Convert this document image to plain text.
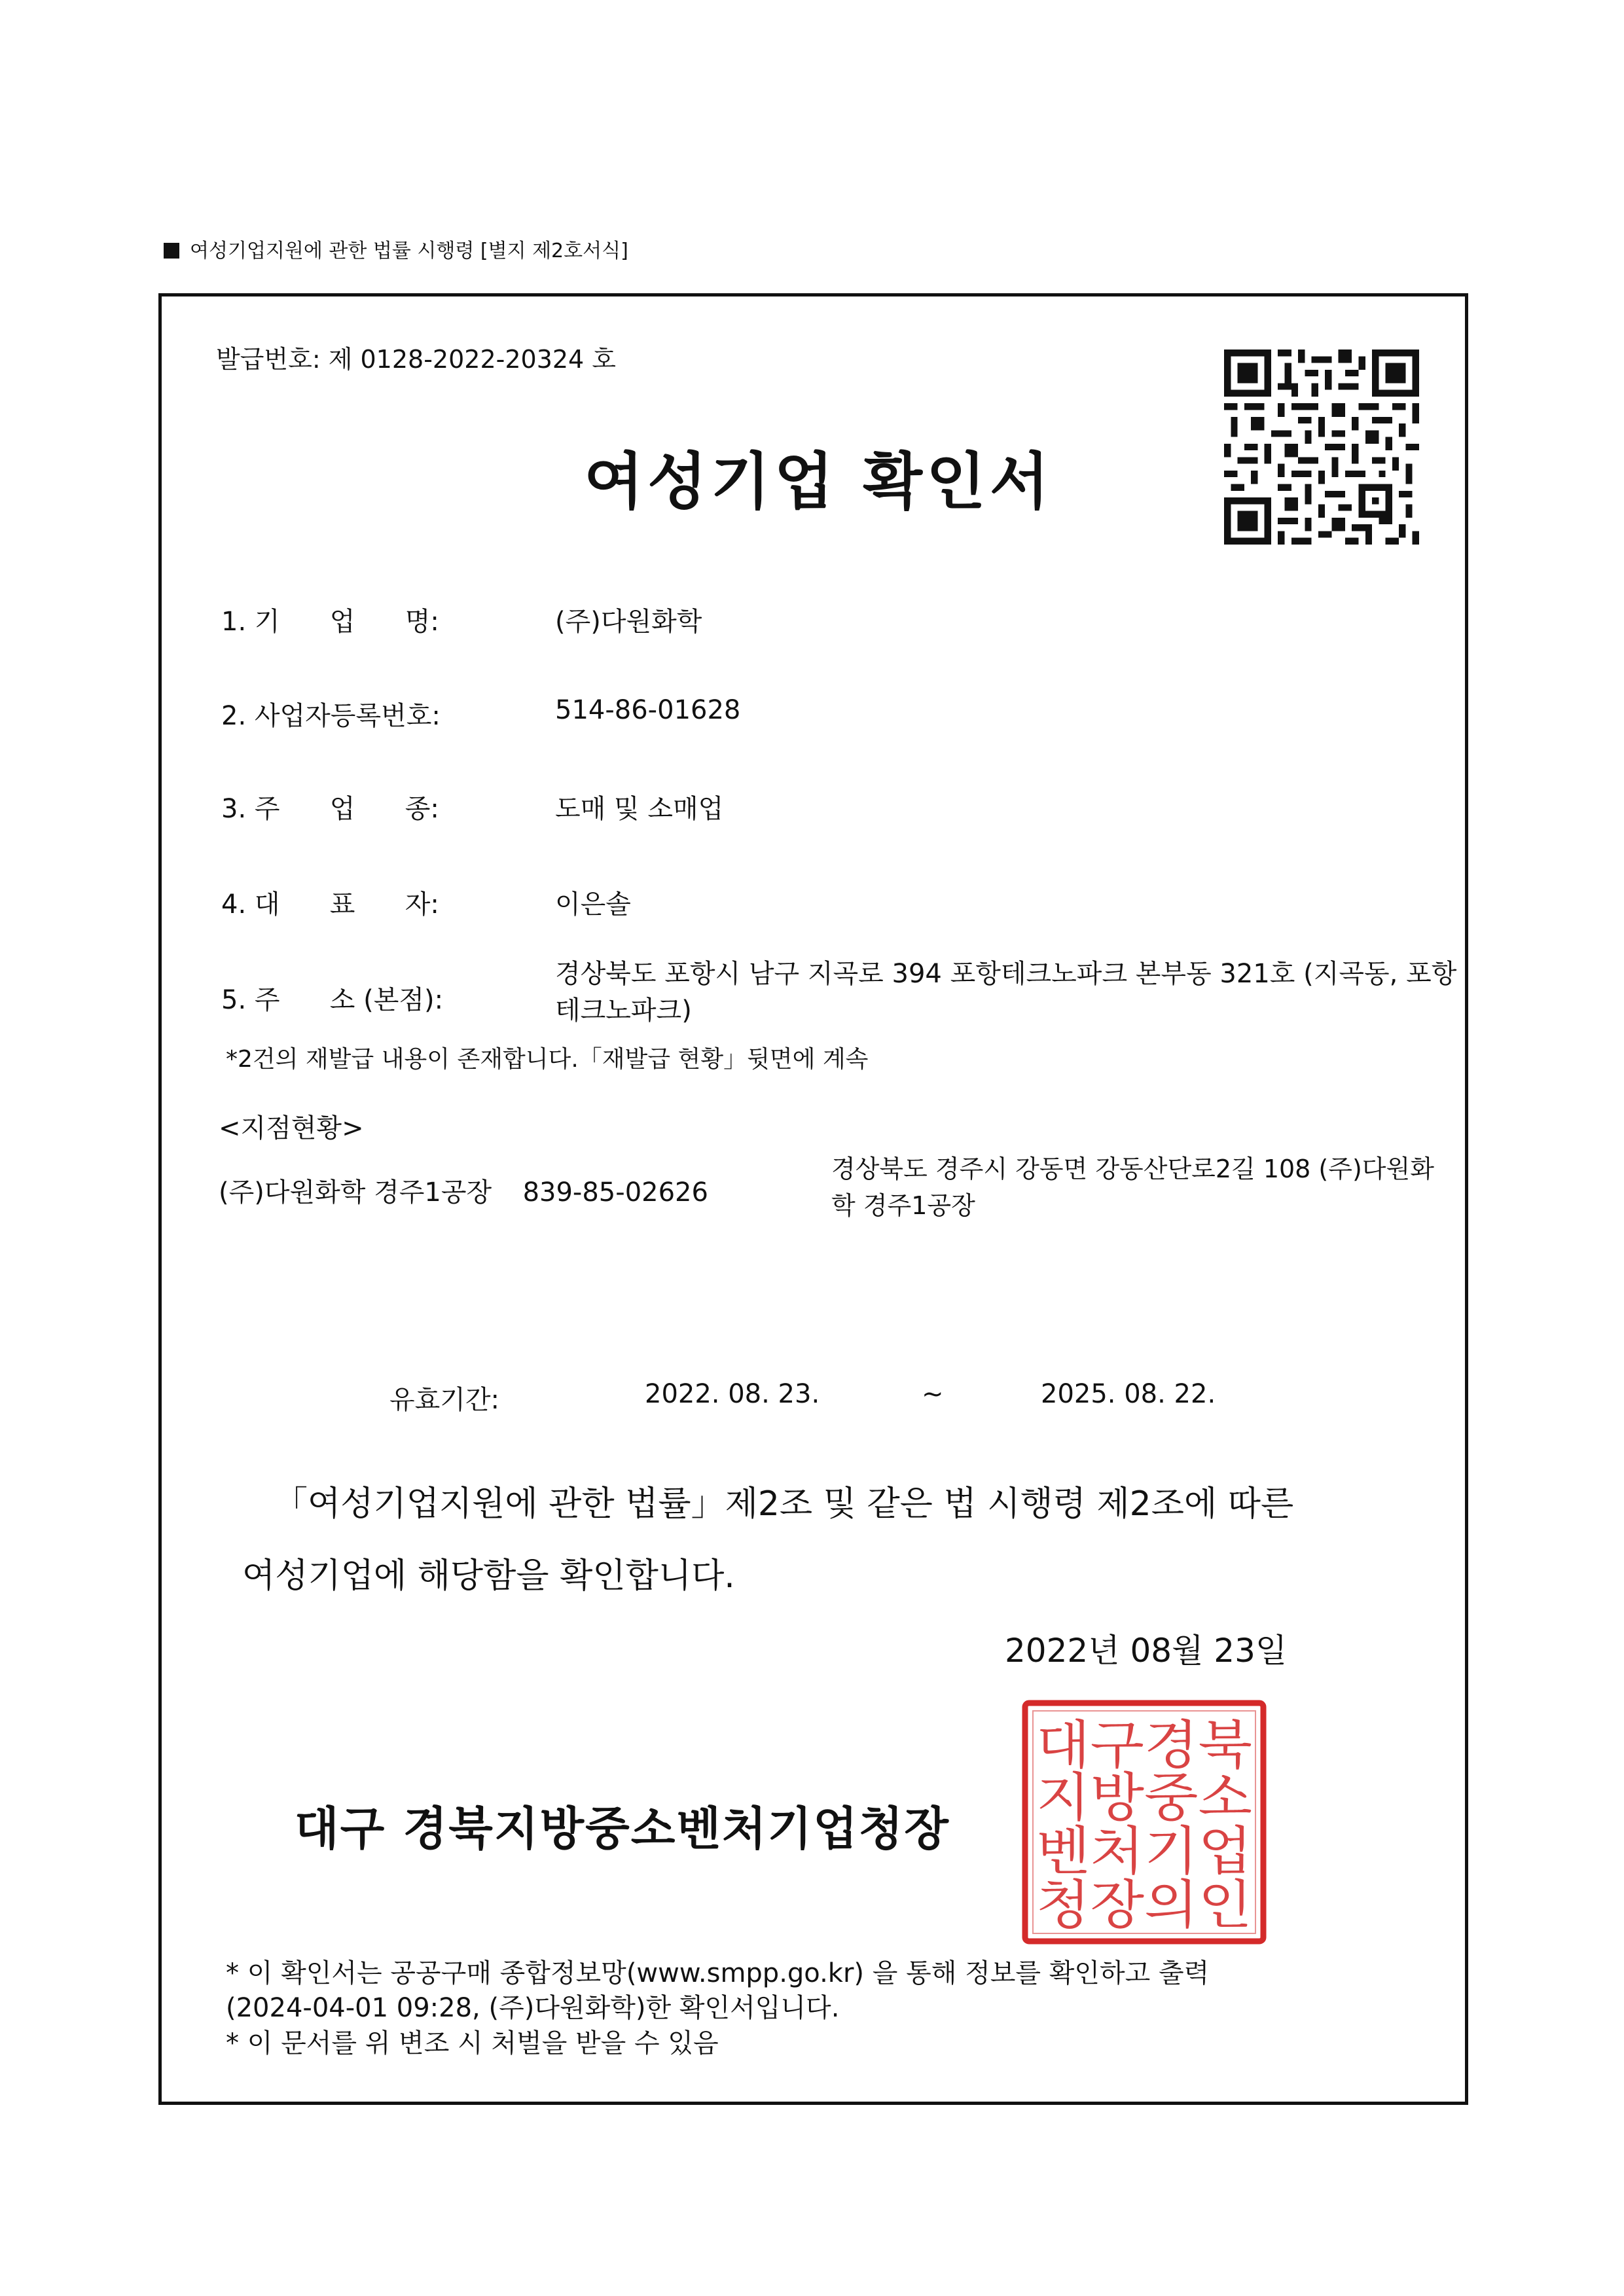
여성기업지원에 관한 법률 시행령 [별지 제2호서식]
발급번호: 제 0128-2022-20324 호
여성기업 확인서
1. 기      업      명:	(주)다원화학
2. 사업자등록번호:	514-86-01628
3. 주      업      종:	도매 및 소매업
4. 대      표      자:	이은솔
5. 주      소 (본점):
경상북도 포항시 남구 지곡로 394 포항테크노파크 본부동 321호 (지곡동, 포항테크노파크)
*2건의 재발급 내용이 존재합니다.「재발급 현황」뒷면에 계속
<지점현황>
(주)다원화학 경주1공장 839-85-02626
경상북도 경주시 강동면 강동산단로2길 108 (주)다원화학 경주1공장
유효기간:	2022. 08. 23.	~	2025. 08. 22.
「여성기업지원에 관한 법률」제2조 및 같은 법 시행령 제2조에 따른
여성기업에 해당함을 확인합니다.
2022년 08월 23일
대구 경북지방중소벤처기업청장
대구경북
지방중소
벤처기업
청장의인
* 이 확인서는 공공구매 종합정보망(www.smpp.go.kr) 을 통해 정보를 확인하고 출력
(2024-04-01 09:28, (주)다원화학)한 확인서입니다.
* 이 문서를 위 변조 시 처벌을 받을 수 있음
